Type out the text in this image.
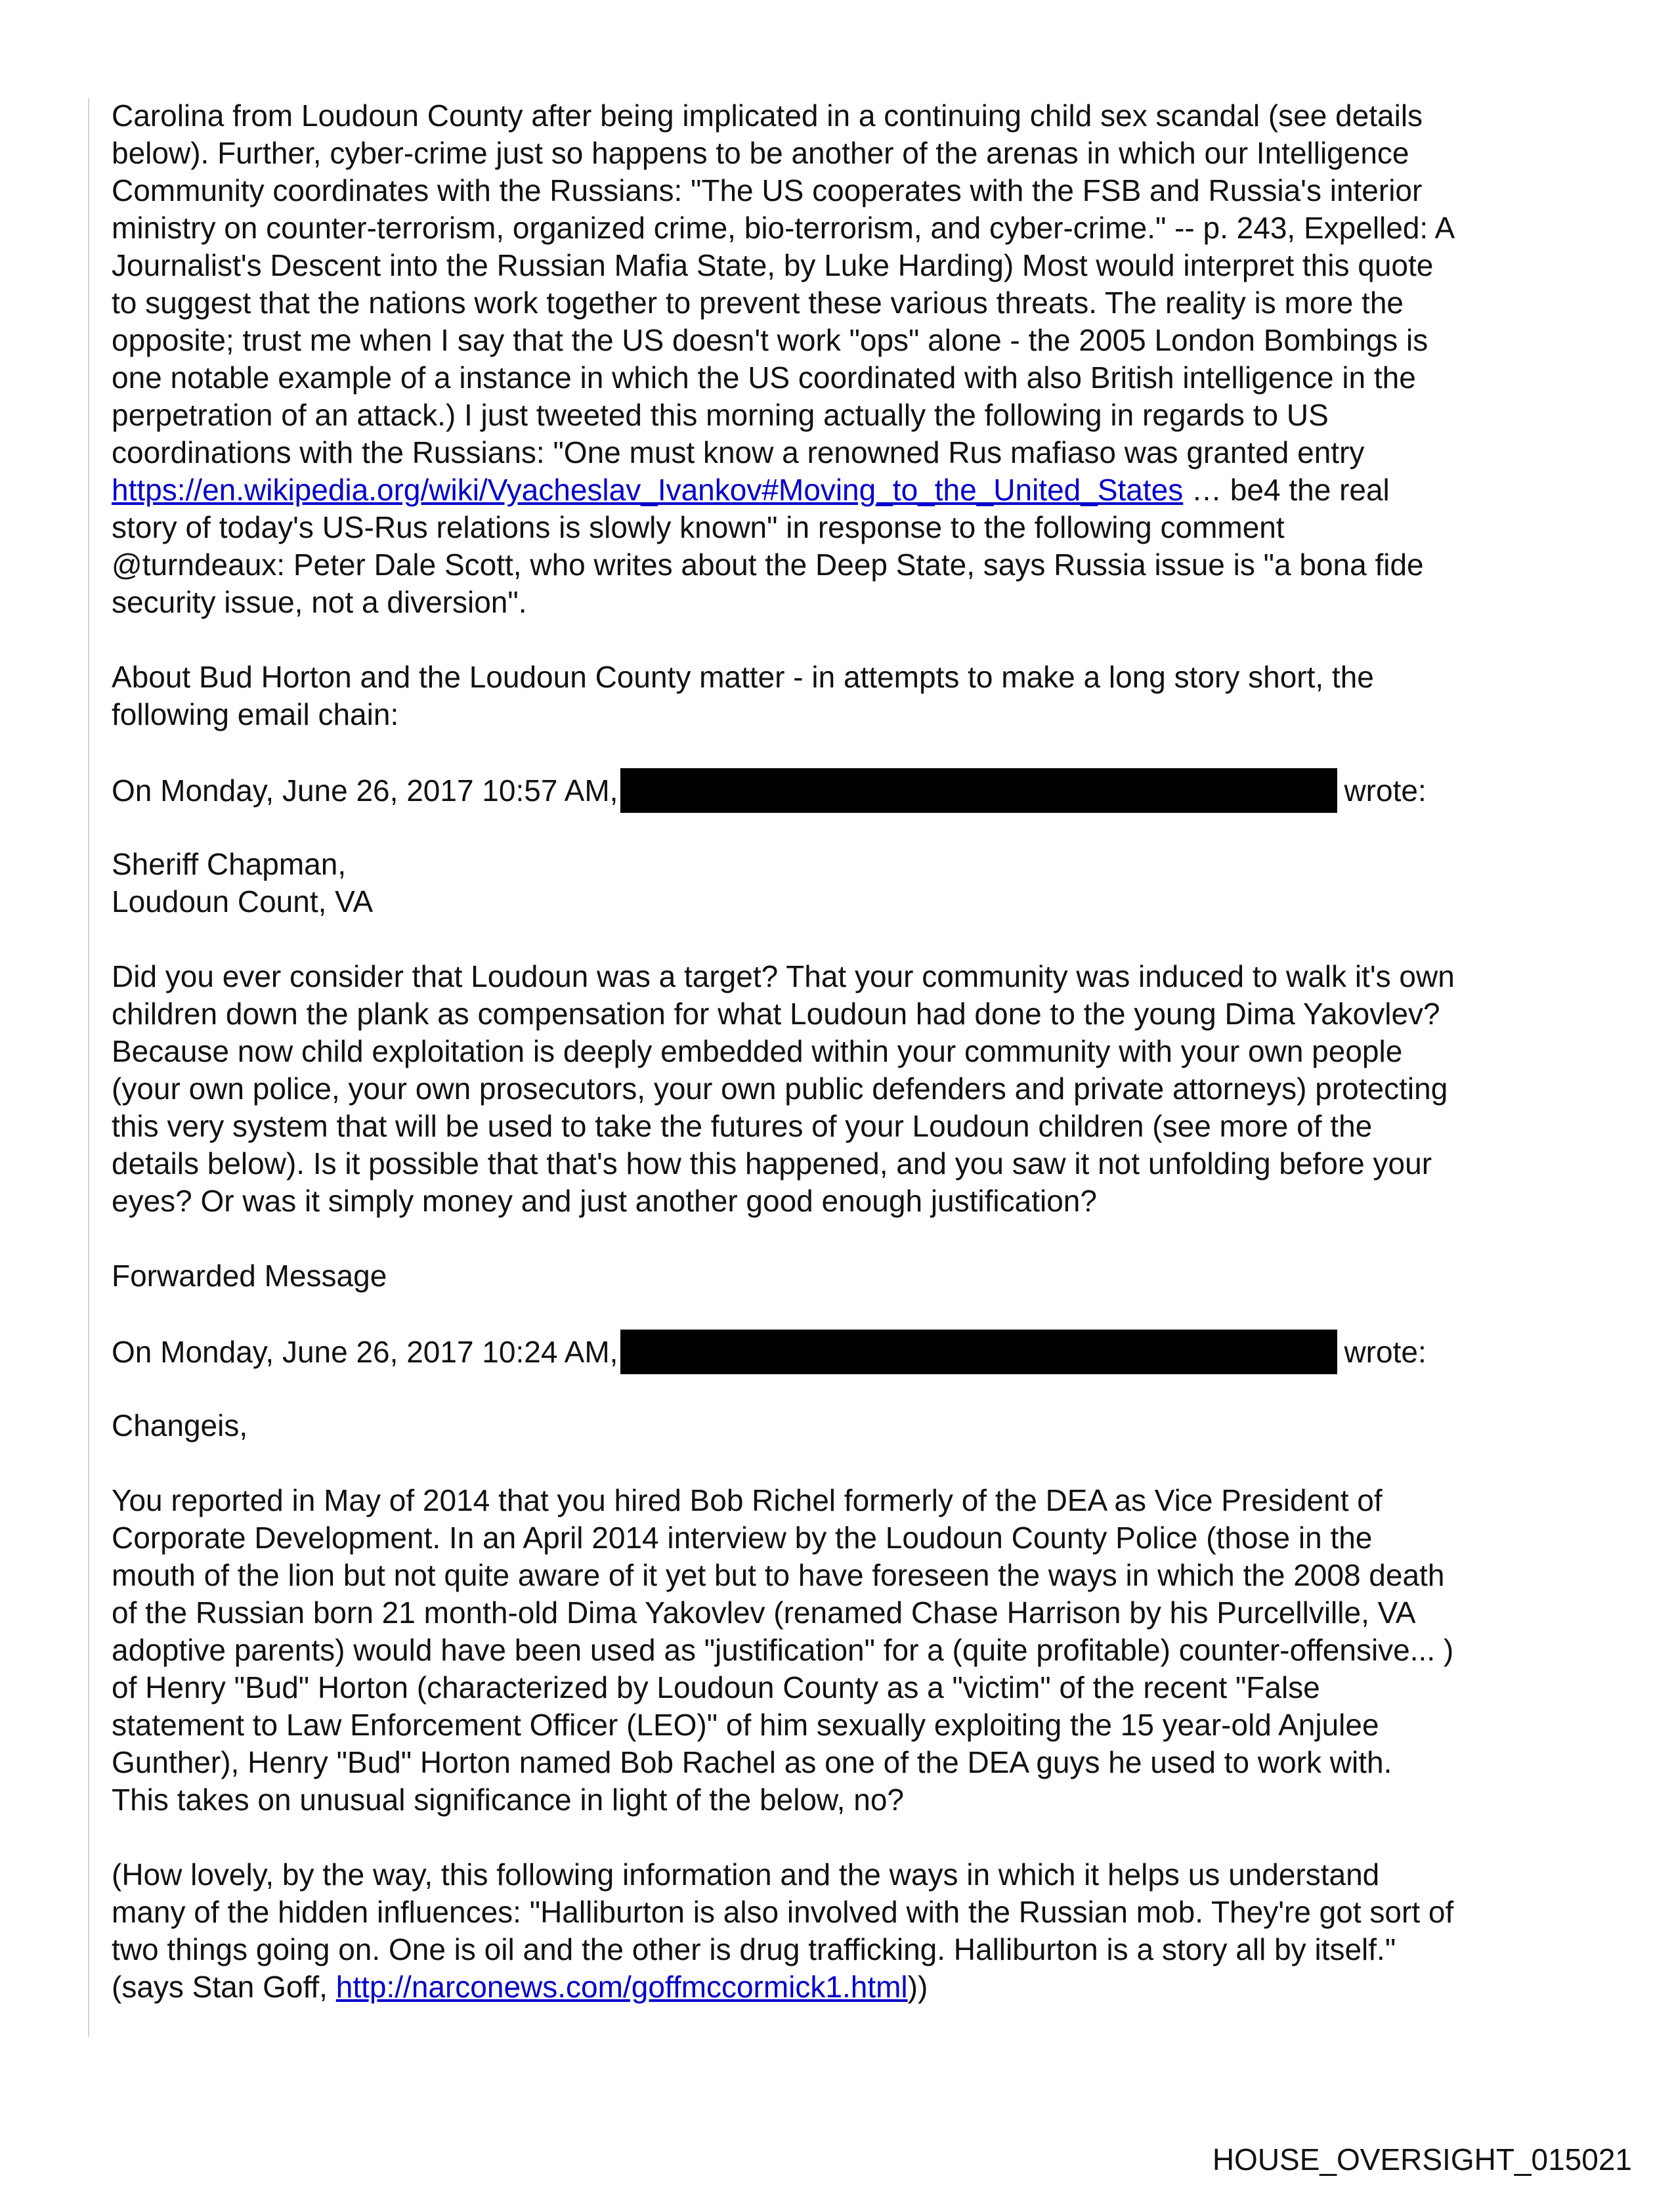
Carolina from Loudoun County after being implicated in a continuing child sex scandal (see details
below). Further, cyber-crime just so happens to be another of the arenas in which our Intelligence
Community coordinates with the Russians: "The US cooperates with the FSB and Russia's interior
ministry on counter-terrorism, organized crime, bio-terrorism, and cyber-crime." -- p. 243, Expelled: A
Journalist's Descent into the Russian Mafia State, by Luke Harding) Most would interpret this quote
to suggest that the nations work together to prevent these various threats. The reality is more the
opposite; trust me when I say that the US doesn't work "ops" alone - the 2005 London Bombings is
one notable example of a instance in which the US coordinated with also British intelligence in the
perpetration of an attack.) I just tweeted this morning actually the following in regards to US
coordinations with the Russians: "One must know a renowned Rus mafiaso was granted entry
https://en.wikipedia.org/wiki/Vyacheslav_Ivankov#Moving_to_the_United_States … be4 the real
story of today's US-Rus relations is slowly known" in response to the following comment
@turndeaux: Peter Dale Scott, who writes about the Deep State, says Russia issue is "a bona fide
security issue, not a diversion".
About Bud Horton and the Loudoun County matter - in attempts to make a long story short, the
following email chain:
On Monday, June 26, 2017 10:57 AM,	wrote:
Sheriff Chapman,
Loudoun Count, VA
Did you ever consider that Loudoun was a target? That your community was induced to walk it's own
children down the plank as compensation for what Loudoun had done to the young Dima Yakovlev?
Because now child exploitation is deeply embedded within your community with your own people
(your own police, your own prosecutors, your own public defenders and private attorneys) protecting
this very system that will be used to take the futures of your Loudoun children (see more of the
details below). Is it possible that that's how this happened, and you saw it not unfolding before your
eyes? Or was it simply money and just another good enough justification?
Forwarded Message
On Monday, June 26, 2017 10:24 AM,	wrote:
Changeis,
You reported in May of 2014 that you hired Bob Richel formerly of the DEA as Vice President of
Corporate Development. In an April 2014 interview by the Loudoun County Police (those in the
mouth of the lion but not quite aware of it yet but to have foreseen the ways in which the 2008 death
of the Russian born 21 month-old Dima Yakovlev (renamed Chase Harrison by his Purcellville, VA
adoptive parents) would have been used as "justification" for a (quite profitable) counter-offensive... )
of Henry "Bud" Horton (characterized by Loudoun County as a "victim" of the recent "False
statement to Law Enforcement Officer (LEO)" of him sexually exploiting the 15 year-old Anjulee
Gunther), Henry "Bud" Horton named Bob Rachel as one of the DEA guys he used to work with.
This takes on unusual significance in light of the below, no?
(How lovely, by the way, this following information and the ways in which it helps us understand
many of the hidden influences: "Halliburton is also involved with the Russian mob. They're got sort of
two things going on. One is oil and the other is drug trafficking. Halliburton is a story all by itself."
(says Stan Goff, http://narconews.com/goffmccormick1.html))
HOUSE_OVERSIGHT_015021
